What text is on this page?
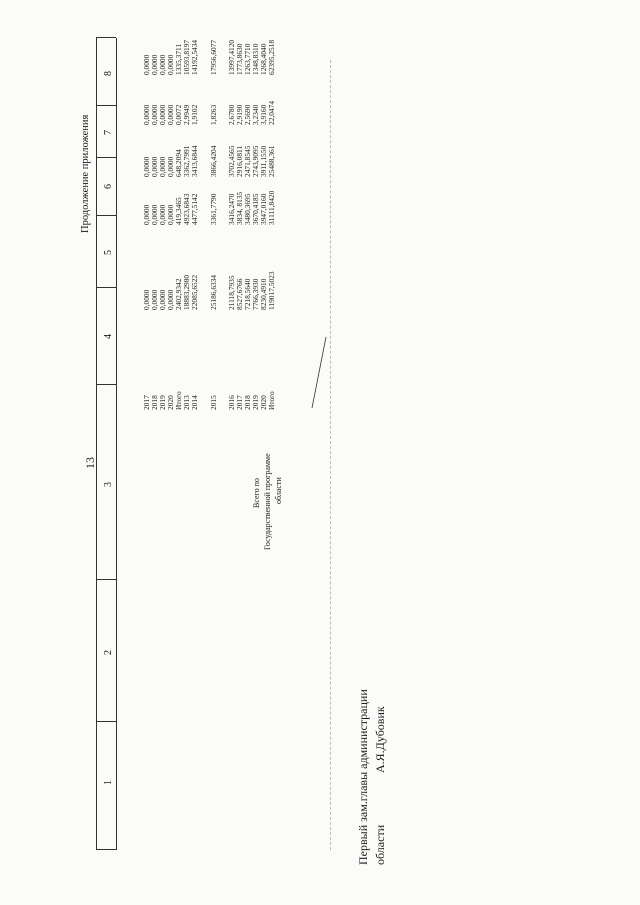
13
Продолжение приложения
1
2
3
4
5
6
7
8
Всего по Государственной программе области
2017
0,0000
0,0000
0,0000
0,0000
0,0000
2018
0,0000
0,0000
0,0000
0,0000
0,0000
2019
0,0000
0,0000
0,0000
0,0000
0,0000
2020
0,0000
0,0000
0,0000
0,0000
0,0000
Итого
2402,9342
419,3465
648,2094
0,0072
1335,3711
2013
18883,2980
4923,6843
3362,7991
2,9949
10593,8197
2014
22085,6522
4477,5142
3413,6844
1,9102
14192,5434
2015
25186,6334
3361,7790
3866,4204
1,8263
17956,6077
2016
21118,7935
3416,2470
3702,4565
2,6780
13997,4120
2017
8527,6766
3834, 8135
2916,0811
2,9190
1773,8630
2018
7218,5640
3480,3695
2471,8545
2,5690
1263,7710
2019
7766,3930
3670,4185
2743,9095
3,2340
1348,8310
2020
8230,4910
3947,0160
3911,1550
3,9160
1268,4040
Итого
119017,5023
31111,8420
25488,361
22,0474
62395,2518
Первый зам.главы администрации области
А.Я.Дубовик
